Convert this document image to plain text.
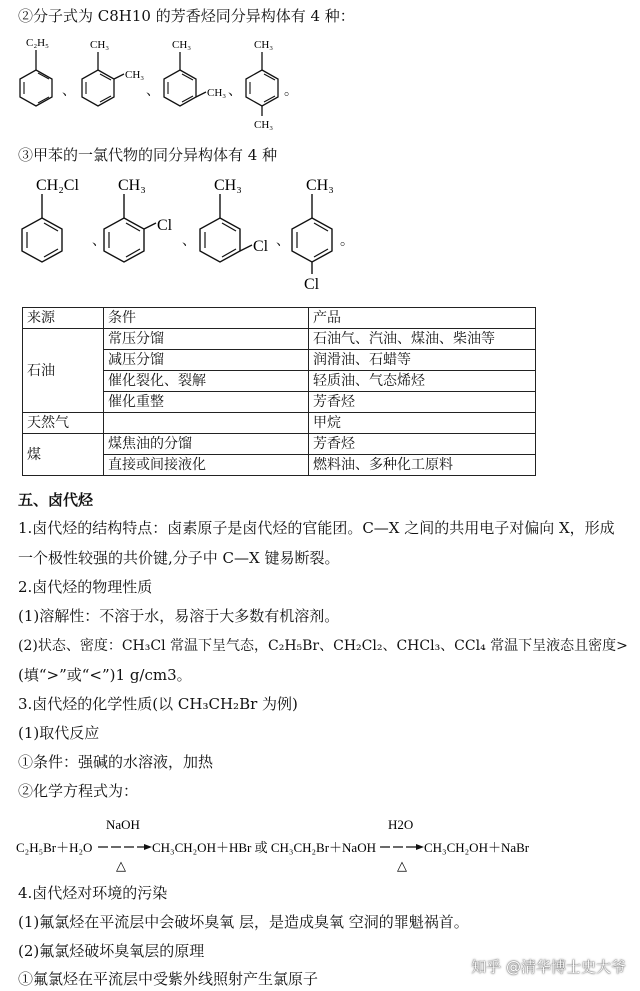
②分子式为 C8H10 的芳香烃同分异构体有 4 种：
C₂H₅
、
CH₃
CH₃
、
CH₃
CH₃ 、
CH₃
CH₃
。
③甲苯的一氯代物的同分异构体有 4 种
CH₂Cl
、
CH₃
Cl
、
CH₃
Cl 、
CH₃
Cl
。
来源	条件	产品
石油	常压分馏	石油气、汽油、煤油、柴油等
	减压分馏	润滑油、石蜡等
	催化裂化、裂解	轻质油、气态烯烃
	催化重整	芳香烃
天然气		甲烷
煤	煤焦油的分馏	芳香烃
	直接或间接液化	燃料油、多种化工原料
五、卤代烃
1.卤代烃的结构特点：卤素原子是卤代烃的官能团。C—X 之间的共用电子对偏向 X，形成
一个极性较强的共价键,分子中 C—X 键易断裂。
2.卤代烃的物理性质
(1)溶解性：不溶于水，易溶于大多数有机溶剂。
(2)状态、密度：CH₃Cl 常温下呈气态，C₂H₅Br、CH₂Cl₂、CHCl₃、CCl₄ 常温下呈液态且密度>
(填“>”或“<”)1 g/cm3。
3.卤代烃的化学性质(以 CH₃CH₂Br 为例)
(1)取代反应
①条件：强碱的水溶液，加热
②化学方程式为：
C₂H₅Br＋H₂O
NaOH
△
CH₃CH₂OH＋HBr 或 CH₃CH₂Br＋NaOH
H2O
△
CH₃CH₂OH＋NaBr
4.卤代烃对环境的污染
(1)氟氯烃在平流层中会破坏臭氧 层，是造成臭氧 空洞的罪魁祸首。
(2)氟氯烃破坏臭氧层的原理
①氟氯烃在平流层中受紫外线照射产生氯原子
知乎 @清华博士史大爷
